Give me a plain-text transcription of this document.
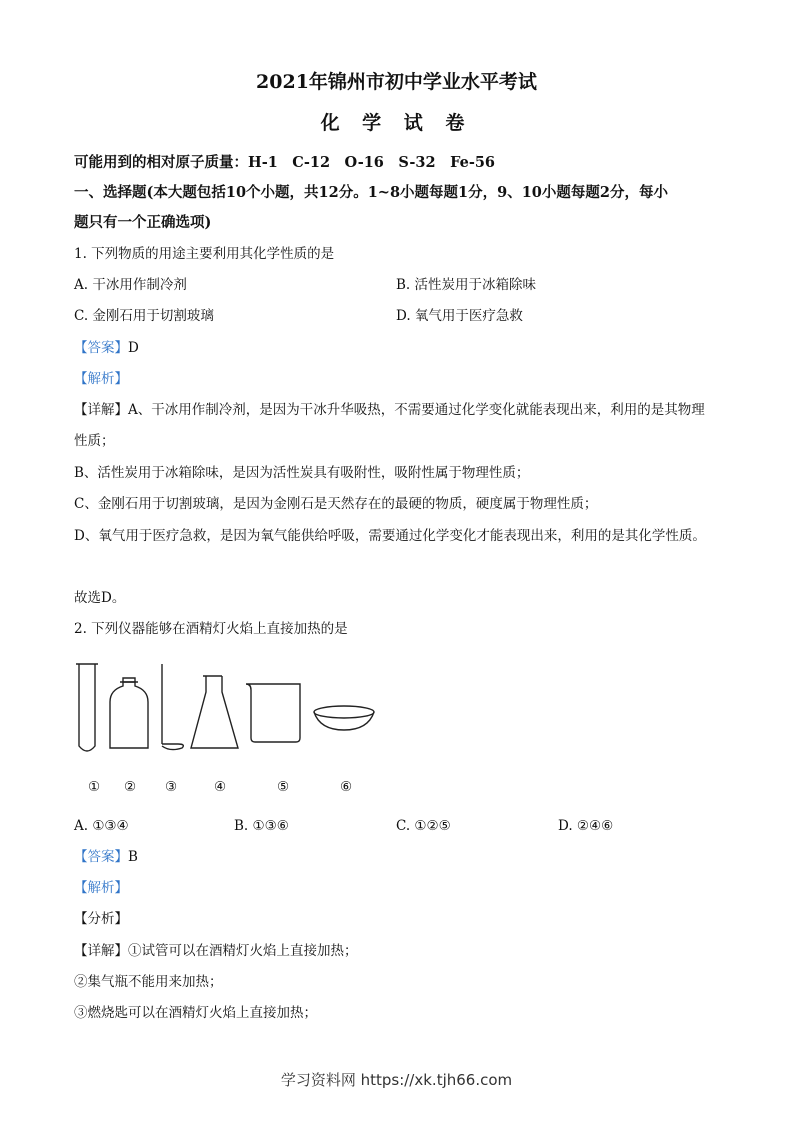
2021年锦州市初中学业水平考试
化 学 试 卷
可能用到的相对原子质量：H-1　C-12　O-16　S-32　Fe-56
一、选择题(本大题包括10个小题，共12分。1~8小题每题1分，9、10小题每题2分，每小
题只有一个正确选项)
1. 下列物质的用途主要利用其化学性质的是
A. 干冰用作制冷剂	B. 活性炭用于冰箱除味
C. 金刚石用于切割玻璃	D. 氧气用于医疗急救
【答案】D
【解析】
【详解】A、干冰用作制冷剂，是因为干冰升华吸热，不需要通过化学变化就能表现出来，利用的是其物理
性质；
B、活性炭用于冰箱除味，是因为活性炭具有吸附性，吸附性属于物理性质；
C、金刚石用于切割玻璃，是因为金刚石是天然存在的最硬的物质，硬度属于物理性质；
D、氧气用于医疗急救，是因为氧气能供给呼吸，需要通过化学变化才能表现出来，利用的是其化学性质。
故选D。
2. 下列仪器能够在酒精灯火焰上直接加热的是
① ② ③	④	⑤	⑥
A. ①③④	B. ①③⑥	C. ①②⑤	D. ②④⑥
【答案】B
【解析】
【分析】
【详解】①试管可以在酒精灯火焰上直接加热；
②集气瓶不能用来加热；
③燃烧匙可以在酒精灯火焰上直接加热；
学习资料网 https://xk.tjh66.com
